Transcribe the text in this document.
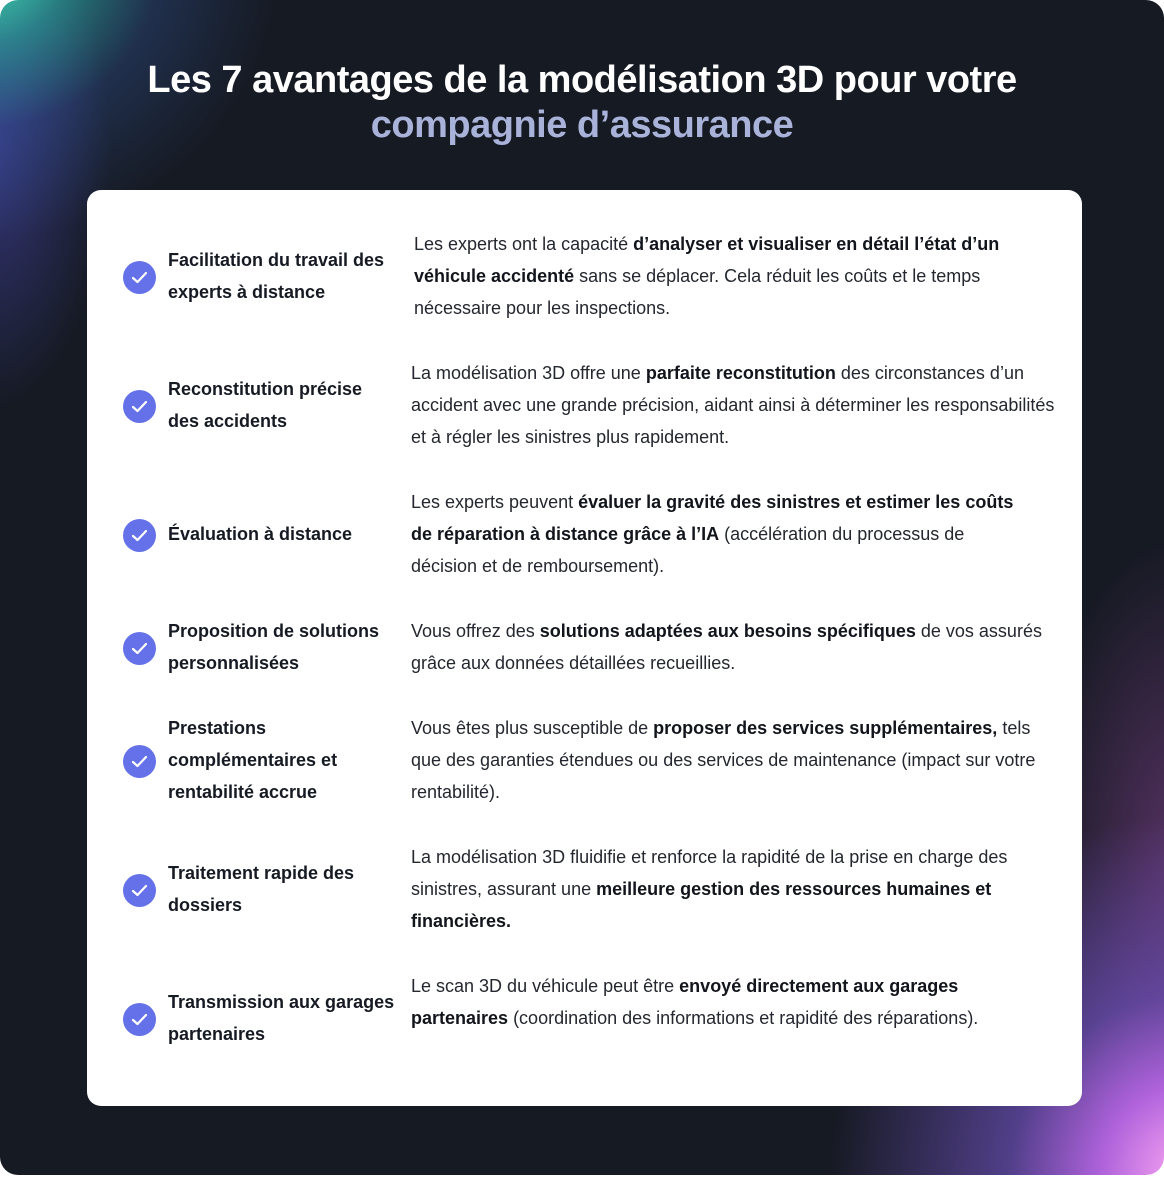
Les 7 avantages de la modélisation 3D pour votre
compagnie d’assurance
Facilitation du travail des experts à distance
Les experts ont la capacité d’analyser et visualiser en détail l’état d’un véhicule accidenté sans se déplacer. Cela réduit les coûts et le temps nécessaire pour les inspections.
Reconstitution précise des accidents
La modélisation 3D offre une parfaite reconstitution des circonstances d’un accident avec une grande précision, aidant ainsi à déterminer les responsabilités et à régler les sinistres plus rapidement.
Évaluation à distance
Les experts peuvent évaluer la gravité des sinistres et estimer les coûts de réparation à distance grâce à l’IA (accélération du processus de décision et de remboursement).
Proposition de solutions personnalisées
Vous offrez des solutions adaptées aux besoins spécifiques de vos assurés grâce aux données détaillées recueillies.
Prestations complémentaires et rentabilité accrue
Vous êtes plus susceptible de proposer des services supplémentaires, tels que des garanties étendues ou des services de maintenance (impact sur votre rentabilité).
Traitement rapide des dossiers
La modélisation 3D fluidifie et renforce la rapidité de la prise en charge des sinistres, assurant une meilleure gestion des ressources humaines et financières.
Transmission aux garages partenaires
Le scan 3D du véhicule peut être envoyé directement aux garages partenaires (coordination des informations et rapidité des réparations).
